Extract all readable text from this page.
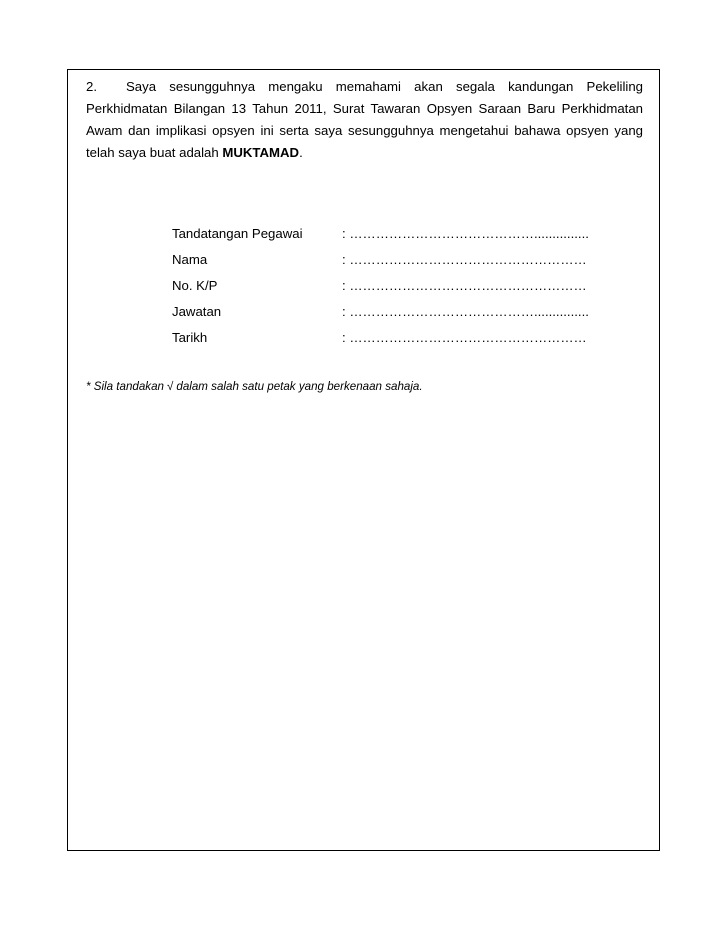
2. Saya sesungguhnya mengaku memahami akan segala kandungan Pekeliling Perkhidmatan Bilangan 13 Tahun 2011, Surat Tawaran Opsyen Saraan Baru Perkhidmatan Awam dan implikasi opsyen ini serta saya sesungguhnya mengetahui bahawa opsyen yang telah saya buat adalah MUKTAMAD.

Tandatangan Pegawai	: ……………………………………...............
Nama	: ………………………………………………
No. K/P	: ………………………………………………
Jawatan	: ……………………………………...............
Tarikh	: ………………………………………………
* Sila tandakan √ dalam salah satu petak yang berkenaan sahaja.
